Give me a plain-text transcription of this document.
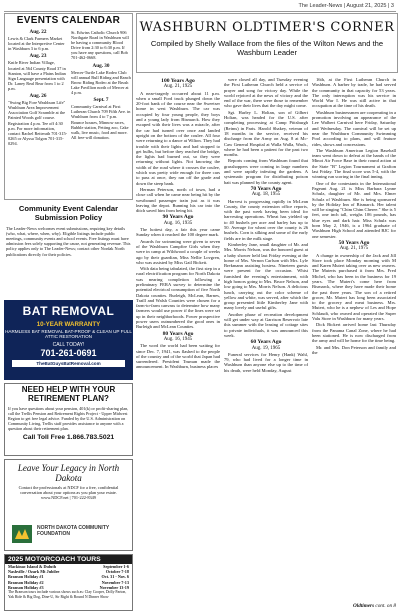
The Leader-News | August 21, 2025 | 3
EVENTS CALENDAR
Aug. 22

Lewis & Clark Farmers Market located at the Interpretive Center in Washburn 3 to 6 p.m.

Aug. 23

Knife River Indian Village, located at 564 County Road 37 in Stanton, will have a Plains Indian Sign Language presentation with Dr. Laney Real Bear from 1 to 2 p.m.

Aug. 26

"Swing Big Fore Washburn Life" Washburn Area Improvement Association Golf Scramble at the Painted Woods golf course. Registration 4 p.m. Tee off 4:30 p.m. For more information, contact Rachel Reiterath 701-315-0265 or Alyssa Tolgon 701-315-0294.

St. Edwins Catholic Church 906 Northgate Road in Washburn will be having a community Blood Drive from 2:30 to 6:30 p.m. If you have any questions, call Bob 701-462-0668.

Aug. 30

Mercer-Turtle Lake Rodeo Club will annual Bull Riding and Ranch Bronc Riding Rodeo at the Brush Lake Pavillion north of Mercer at 4 p.m.

Sept. 7

Community Carnival at First Lutheran Church 709 Fifth Ave. in Washburn from 4 to 7 p.m. Bounce houses, Minnow races, Bubble station, Petting zoo, Cake walk, live music, food and more. All free-will donation.

Community Event Calendar Submission Policy
The Leader-News welcomes event submissions, requiring key details (who, what, where, when, why). Eligible listings include public meetings, community events and school events. Free listings must have admission fees solely supporting the cause, not generating revenue. This policy applies only to The Leader-News; contact other Nordak North publications directly for their policies.
BAT REMOVAL
10-YEAR WARRANTY
HARMLESS BAT REMOVAL BAT-PROOF & CLEAN UP FULL ATTIC RESTORATION
CALL TODAY!
701-261-0691
TheBatGuysBatRemoval.com
NEED HELP WITH YOUR RETIREMENT PLAN?
If you have questions about your pension, 401(k) or profit-sharing plan, call the Trellis Pension and Retirement Rights Project - Upper Midwest Region to get free legal advice. Funded by the U.S. Administration on Community Living, Trellis staff provides assistance to anyone with a question about their retirement plan.
Call Toll Free 1.866.783.5021
Leave Your Legacy in North Dakota
Contact the professionals at NDCF for a free, confidential conversation about your options as you plan your estate. www.NDCF.net | 701-222-8349
NORTH DAKOTA COMMUNITY FOUNDATION
2025 MOTORCOACH TOURS
Mackinac Island & Duluth	September 1-6
Nashville / Ozark Mt Jubilee	October 7-18
Branson Holiday #1	Oct. 31 - Nov. 6
Branson Holiday #2	November 7-13
Branson Holiday #3	November 13-19
The Branson tours include various shows such as: Clay Cooper, Dolly Parton, Yak Ride & Big Dog, Dine-U, Sir Right & Round N Dinner Show
WASHBURN OLDTIMER'S CORNER
Compiled by Shelly Wallace from the files of the Wilton News and the Washburn Leader
100 Years Ago
Aug. 21, 1925

A near-tragedy occurred about 11 p.m. when a small Ford truck plunged down the 20-foot bank of the course near the Sweetser home in west Washburn. The car was occupied by four young people, they boys and a young lady from Bismarck. How they escaped with their lives was a miracle, after the car had turned over once and landed upright on the bottom of the coulee. All four were returning to a dance at Wilton. They had trouble with their lights and had stopped to get bulbs, but before they reached the bridge, the lights had burned out, so they were returning without lights. Not knowing the width of the road where it crosses the coulee, which was pretty wide enough for three cars to pass at once, they ran off the grade and down the steep bank.

Herman Peterson, north of town, had a close call when he came near being hit by the westbound passenger train just as it was leaving the depot. Running his car into the ditch saved him from being hit.

90 Years Ago
Aug. 16, 1935

The hottest day, a fair this year came Sunday when it reached the 100 degree mark.

Awards for swimming were given to seven of the Washburn Campfire Girls when they were in camp at Wildwood a couple of weeks ago by their guardian, Miss Nellie Lovgren, who was assisted by Miss Gail Bickett.

With data being tabulated, the first step in a rural electrification program for North Dakota was nearing completion following a preliminary FERA survey to determine the potential electrical consumption of five North Dakota counties. Burleigh, McLean, Barnes, Traill and Walsh Counties were chosen for a farm-to-farm canvass to determine how many farmers would use power if the lines were set up in their neighborhoods. Power prospective power users outnumbered the good ones in Burleigh and McLean Counties.

80 Years Ago
Aug. 16, 1945

The word the world had been waiting for since Dec. 7, 1941, was flashed to the people of the country and of the world that Japan had surrendered. President Truman made the announcement. In Washburn, business places

were closed all day, and Tuesday evening the First Lutheran Church held a service of prayer and song for victory day. While the world rejoiced at the news of victory and the end of the war, there were those to remember who gave their lives that the day might come.

Sgt. Harley L. Holtan, son of Gilbert Holtan, was headed for the U.S. after completing processing at Camp Pittsburgh (Reims) in Paris. Harold Shakey, veteran of 18 months in the service, received his discharge from the Army on Aug. 8 at Mc-Caw General Hospital at Walla Walla, Wash., where he had been a patient for the past two months.

Reports coming from Washburn found that grasshoppers were coming in large numbers and were rapidly infesting the gardens. A systematic program for distributing poison bait was planned by the county agent.

70 Years Ago
Aug. 18, 1955

Harvest is progressing rapidly in McLean County, the county extension office reports, with the past week having been ideal for harvesting operations. Wheat has yielded up to 40 bushels per acre and barley has up to 50. Average for wheat over the county is 26 bushels. Corn is silking and some of the early fields are in the milk stage.

Kimberley Jane, small daughter of Mr. and Mrs. Morris Nelson, was the honored guest at a baby shower held last Friday evening at the home of Mrs. Vernon Carlson with Mrs. Lyle Brekmann assisting hostess. Nineteen guests were present for the occasion. Whist furnished the evening's entertainment, with high honors going to Mrs. Bruce Nelson, and low going to Mrs. Morris Nelson. A delicious lunch, carrying out the color scheme of yellow and white, was served, after which the group presented little Kimberley Jane with many lovely and useful gifts.

Another phase of recreation development will get under way at Garrison Reservoir late this summer with the leasing of cottage sites to private individuals, it was announced this week.

60 Years Ago
Aug. 19, 1965

Funeral services for Henry (Hank) Wahl, 79, who had lived for a longer time in Washburn than anyone else up to the time of his death, were held Monday, August

16th, at the First Lutheran Church in Washburn. A barber by trade, he had served the community in that capacity for 53 years. The only interruption was his service in World War I. He was still active in that occupation at the time of his death.

Washburn businessmen are cooperating in a promotion involving an appearance of the Lee Walbert Carnival here Friday, Saturday and Wednesday. The carnival will be set up near the Washburn Community Swimming Pool according to plans, and will feature rides, shows and concessions.

The Washburn American Legion Baseball team went down to defeat at the hands of the Minot Air Force Base in their round action at the State "B" Legion Tournament at Grafton last Friday. The final score was 5-4, with the winning run scoring in the final inning.

One of the contestants in the International Pageant Aug. 21 is Miss Barbara Lynne Schulz, daughter of Mr. and Mrs. Elmer Schulz of Washburn. She is being sponsored by the Holiday Inn of Bismarck. Her talent will be singing "Chim Chim Cheree." She is 5 feet, one inch tall, weighs 106 pounds, has blue eyes and dark hair. Miss Schulz was born May 2, 1946, is a 1964 graduate of Washburn High School and attended BJC for one semester.

50 Years Ago
Aug. 21, 1975

A change in ownership of the Jack and Jill Store took place Monday morning with M and Karen Mutert taking over as new owners. The Muterts purchased it from Mrs. Fred Michel, who has been in the business for 19 years. The Mutert's come here from Bismarck, where they have made their home the past three years. The son of a retired grocer, Mr. Mutert has long been associated to the grocery and meat business. Mrs. Mutert, who he is a nephew of Les and Hope Schlaudt, who owned and operated the Super Valu Store in Washburn for many years.

Dick Bickert arrived home last Thursday from the Panama Canal Zone, where he had been stationed. He is now discharged from the army and will be home for the time being.

Mr. and Mrs. Don Peterson and family and the

Oldtimers cont. on 8
